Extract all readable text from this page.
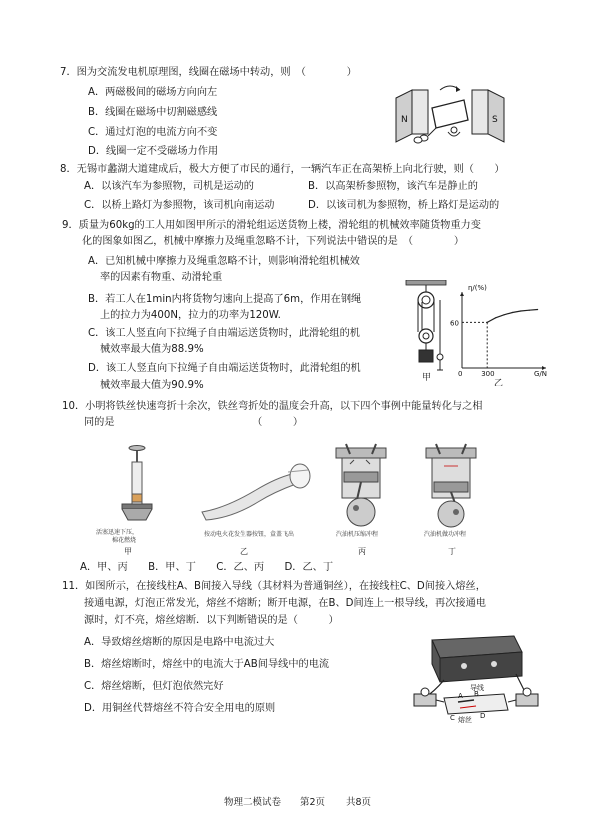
7．图为交流发电机原理图，线圈在磁场中转动，则　（　　　　）
A．两磁极间的磁场方向向左
B．线圈在磁场中切割磁感线
C．通过灯泡的电流方向不变
D．线圈一定不受磁场力作用
N	S
8．无锡市蠡湖大道建成后，极大方便了市民的通行，一辆汽车正在高架桥上向北行驶，则（　　）
A．以该汽车为参照物，司机是运动的	B．以高架桥参照物，该汽车是静止的
C．以桥上路灯为参照物，该司机向南运动	D．以该司机为参照物，桥上路灯是运动的
9．质量为60kg的工人用如图甲所示的滑轮组运送货物上楼，滑轮组的机械效率随货物重力变
化的图象如图乙，机械中摩擦力及绳重忽略不计，下列说法中错误的是　（　　　　）
A．已知机械中摩擦力及绳重忽略不计，则影响滑轮组机械效
率的因素有物重、动滑轮重
B．若工人在1min内将货物匀速向上提高了6m，作用在钢绳
上的拉力为400N，拉力的功率为120W.
C．该工人竖直向下拉绳子自由端运送货物时，此滑轮组的机
械效率最大值为88.9%
D．该工人竖直向下拉绳子自由端运送货物时，此滑轮组的机
械效率最大值为90.9%
甲
η/(%)
G/N
60
300
0
乙
10．小明将铁丝快速弯折十余次，铁丝弯折处的温度会升高，以下四个事例中能量转化与之相
同的是　　　　　　　　　　　　　　（　　　）
活塞迅速下压，
棉花燃烧
甲
按动电火花发生器按钮，盒盖飞出
乙
汽油机压缩冲程
丙
汽油机做功冲程
丁
A．甲、丙　　B．甲、丁　　C．乙、丙　　D．乙、丁
11．如图所示，在接线柱A、B间接入导线（其材料为普通铜丝），在接线柱C、D间接入熔丝，
接通电源，灯泡正常发光，熔丝不熔断；断开电源，在B、D间连上一根导线，再次接通电
源时，灯不亮，熔丝熔断．以下判断错误的是（　　　）
A．导致熔丝熔断的原因是电路中电流过大
B．熔丝熔断时，熔丝中的电流大于AB间导线中的电流
C．熔丝熔断，但灯泡依然完好
D．用铜丝代替熔丝不符合安全用电的原则
导线
A B
C	D
熔丝
物理二模试卷 第2页 共8页
